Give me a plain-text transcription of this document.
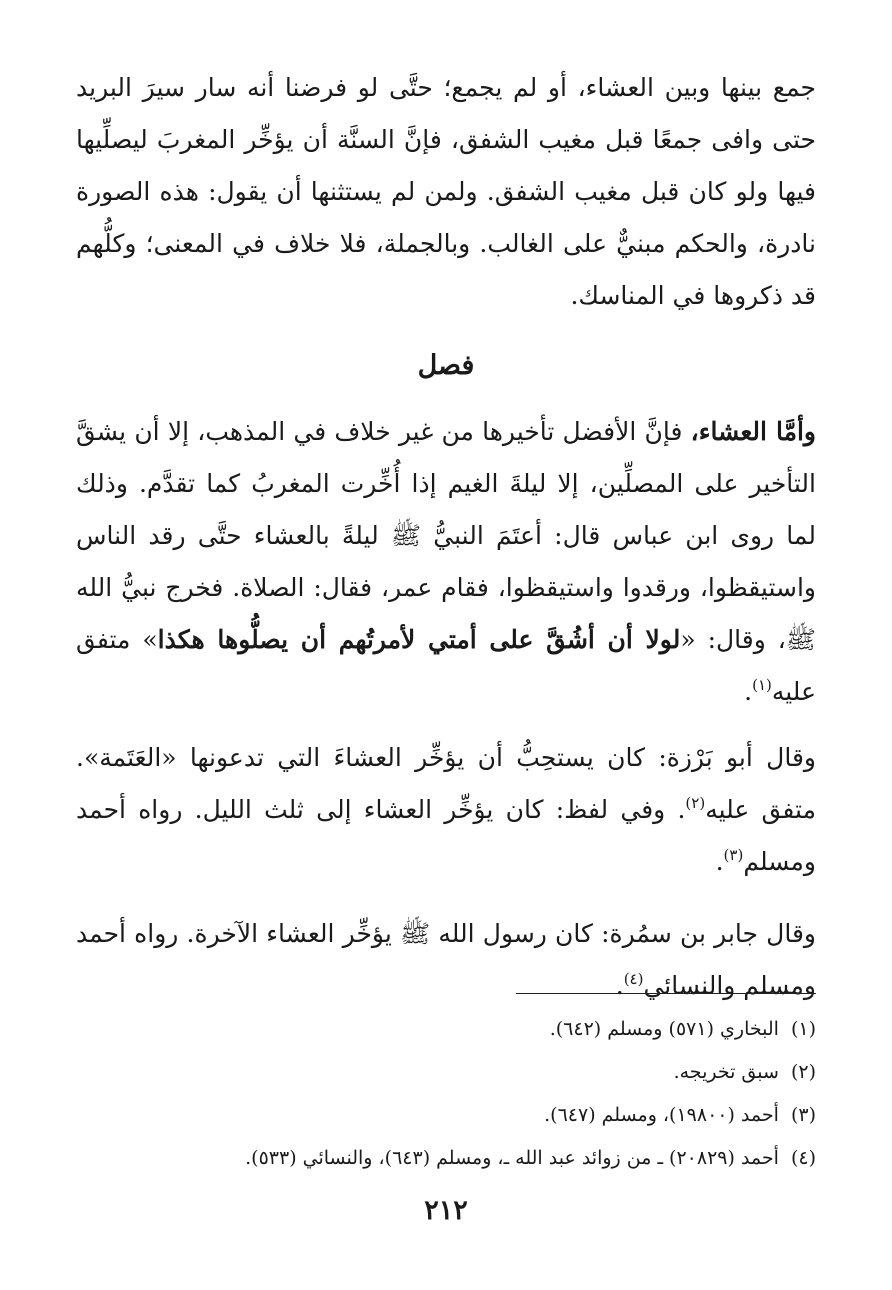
جمع بينها وبين العشاء، أو لم يجمع؛ حتَّى لو فرضنا أنه سار سيرَ البريد حتى وافى جمعًا قبل مغيب الشفق، فإنَّ السنَّة أن يؤخِّر المغربَ ليصلِّيها فيها ولو كان قبل مغيب الشفق. ولمن لم يستثنها أن يقول: هذه الصورة نادرة، والحكم مبنيٌّ على الغالب. وبالجملة، فلا خلاف في المعنى؛ وكلُّهم قد ذكروها في المناسك.

فصل

وأمَّا العشاء، فإنَّ الأفضل تأخيرها من غير خلاف في المذهب، إلا أن يشقَّ التأخير على المصلِّين، إلا ليلةَ الغيم إذا أُخِّرت المغربُ كما تقدَّم. وذلك لما روى ابن عباس قال: أعتَمَ النبيُّ ﷺ ليلةً بالعشاء حتَّى رقد الناس واستيقظوا، ورقدوا واستيقظوا، فقام عمر، فقال: الصلاة. فخرج نبيُّ الله ﷺ، وقال: «لولا أن أشُقَّ على أمتي لأمرتُهم أن يصلُّوها هكذا» متفق عليه$^{(١)}$.

وقال أبو بَرْزة: كان يستحِبُّ أن يؤخِّر العشاءَ التي تدعونها «العَتَمة». متفق عليه$^{(٢)}$. وفي لفظ: كان يؤخِّر العشاء إلى ثلث الليل. رواه أحمد ومسلم$^{(٣)}$.

وقال جابر بن سمُرة: كان رسول الله ﷺ يؤخِّر العشاء الآخرة. رواه أحمد ومسلم والنسائي$^{(٤)}$.

(١)
البخاري (٥٧١) ومسلم (٦٤٢).
(٢)
سبق تخريجه.
(٣)
أحمد (١٩٨٠٠)، ومسلم (٦٤٧).
(٤)
أحمد (٢٠٨٢٩) ـ من زوائد عبد الله ـ، ومسلم (٦٤٣)، والنسائي (٥٣٣).
٢١٢
